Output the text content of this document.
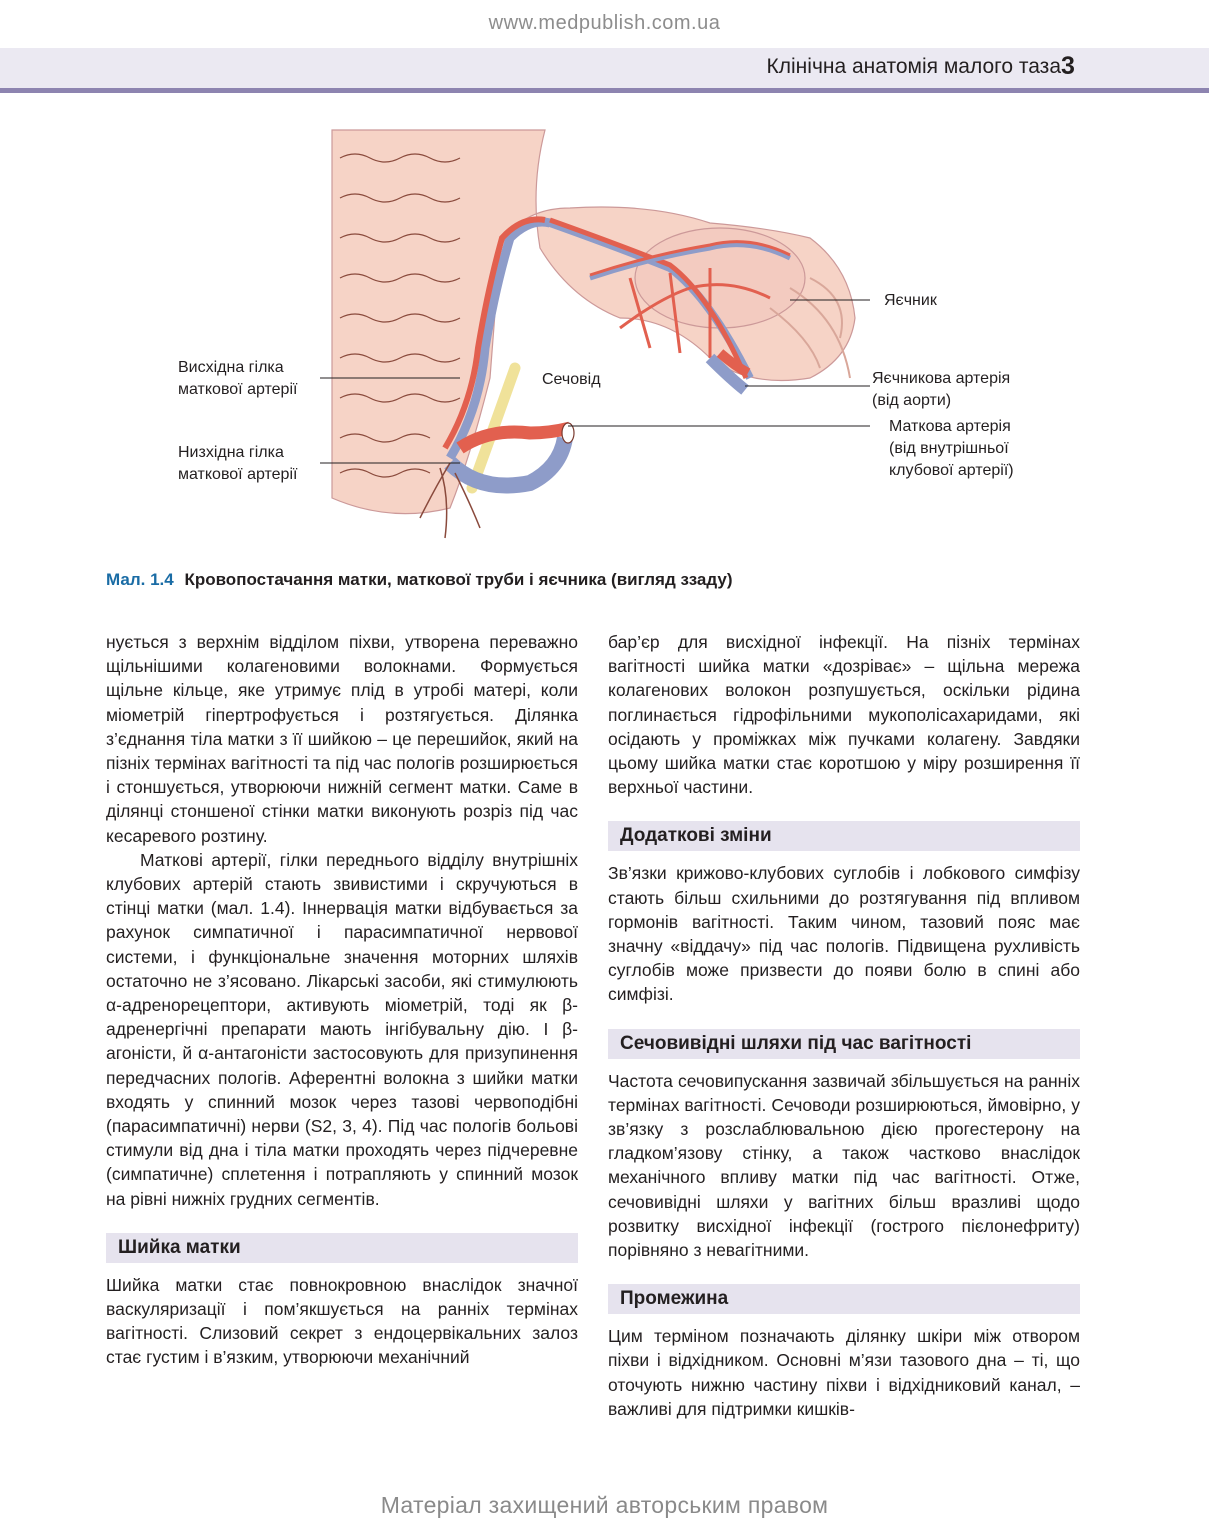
www.medpublish.com.ua
Клінічна анатомія малого таза 3
Висхідна гілка
маткової артерії
Низхідна гілка
маткової артерії
Сечовід
Яєчник
Яєчникова артерія
(від аорти)
Маткова артерія
(від внутрішньої
клубової артерії)
Мал. 1.4 Кровопостачання матки, маткової труби і яєчника (вигляд ззаду)

нується з верхнім відділом піхви, утворена переважно щільнішими колагеновими волокнами. Формується щільне кільце, яке утримує плід в утробі матері, коли міометрій гіпертрофується і розтягується. Ділянка з’єднання тіла матки з її шийкою – це перешийок, який на пізніх термінах вагітності та під час пологів розширюється і стоншується, утворюючи нижній сегмент матки. Саме в ділянці стоншеної стінки матки виконують розріз під час кесаревого розтину.

Маткові артерії, гілки переднього відділу внутрішніх клубових артерій стають звивистими і скручуються в стінці матки (мал. 1.4). Іннервація матки відбувається за рахунок симпатичної і парасимпатичної нервової системи, і функціональне значення моторних шляхів остаточно не з’ясовано. Лікарські засоби, які стимулюють α-адренорецептори, активують міометрій, тоді як β-адренергічні препарати мають інгібувальну дію. І β-агоністи, й α-антагоністи застосовують для призупинення передчасних пологів. Аферентні волокна з шийки матки входять у спинний мозок через тазові червоподібні (парасимпатичні) нерви (S2, 3, 4). Під час пологів больові стимули від дна і тіла матки проходять через підчеревне (симпатичне) сплетення і потрапляють у спинний мозок на рівні нижніх грудних сегментів.

Шийка матки

Шийка матки стає повнокровною внаслідок значної васкуляризації і пом’якшується на ранніх термінах вагітності. Слизовий секрет з ендоцервікальних залоз стає густим і в’язким, утворюючи механічний

бар’єр для висхідної інфекції. На пізніх термінах вагітності шийка матки «дозріває» – щільна мережа колагенових волокон розпушується, оскільки рідина поглинається гідрофільними мукополісахаридами, які осідають у проміжках між пучками колагену. Завдяки цьому шийка матки стає коротшою у міру розширення її верхньої частини.

Додаткові зміни

Зв’язки крижово-клубових суглобів і лобкового симфізу стають більш схильними до розтягування під впливом гормонів вагітності. Таким чином, тазовий пояс має значну «віддачу» під час пологів. Підвищена рухливість суглобів може призвести до появи болю в спині або симфізі.

Сечовивідні шляхи під час вагітності

Частота сечовипускання зазвичай збільшується на ранніх термінах вагітності. Сечоводи розширюються, ймовірно, у зв’язку з розслаблювальною дією прогестерону на гладком’язову стінку, а також частково внаслідок механічного впливу матки під час вагітності. Отже, сечовивідні шляхи у вагітних більш вразливі щодо розвитку висхідної інфекції (гострого пієлонефриту) порівняно з невагітними.

Промежина

Цим терміном позначають ділянку шкіри між отвором піхви і відхідником. Основні м’язи тазового дна – ті, що оточують нижню частину піхви і відхідниковий канал, – важливі для підтримки кишків-

Матеріал захищений авторським правом
